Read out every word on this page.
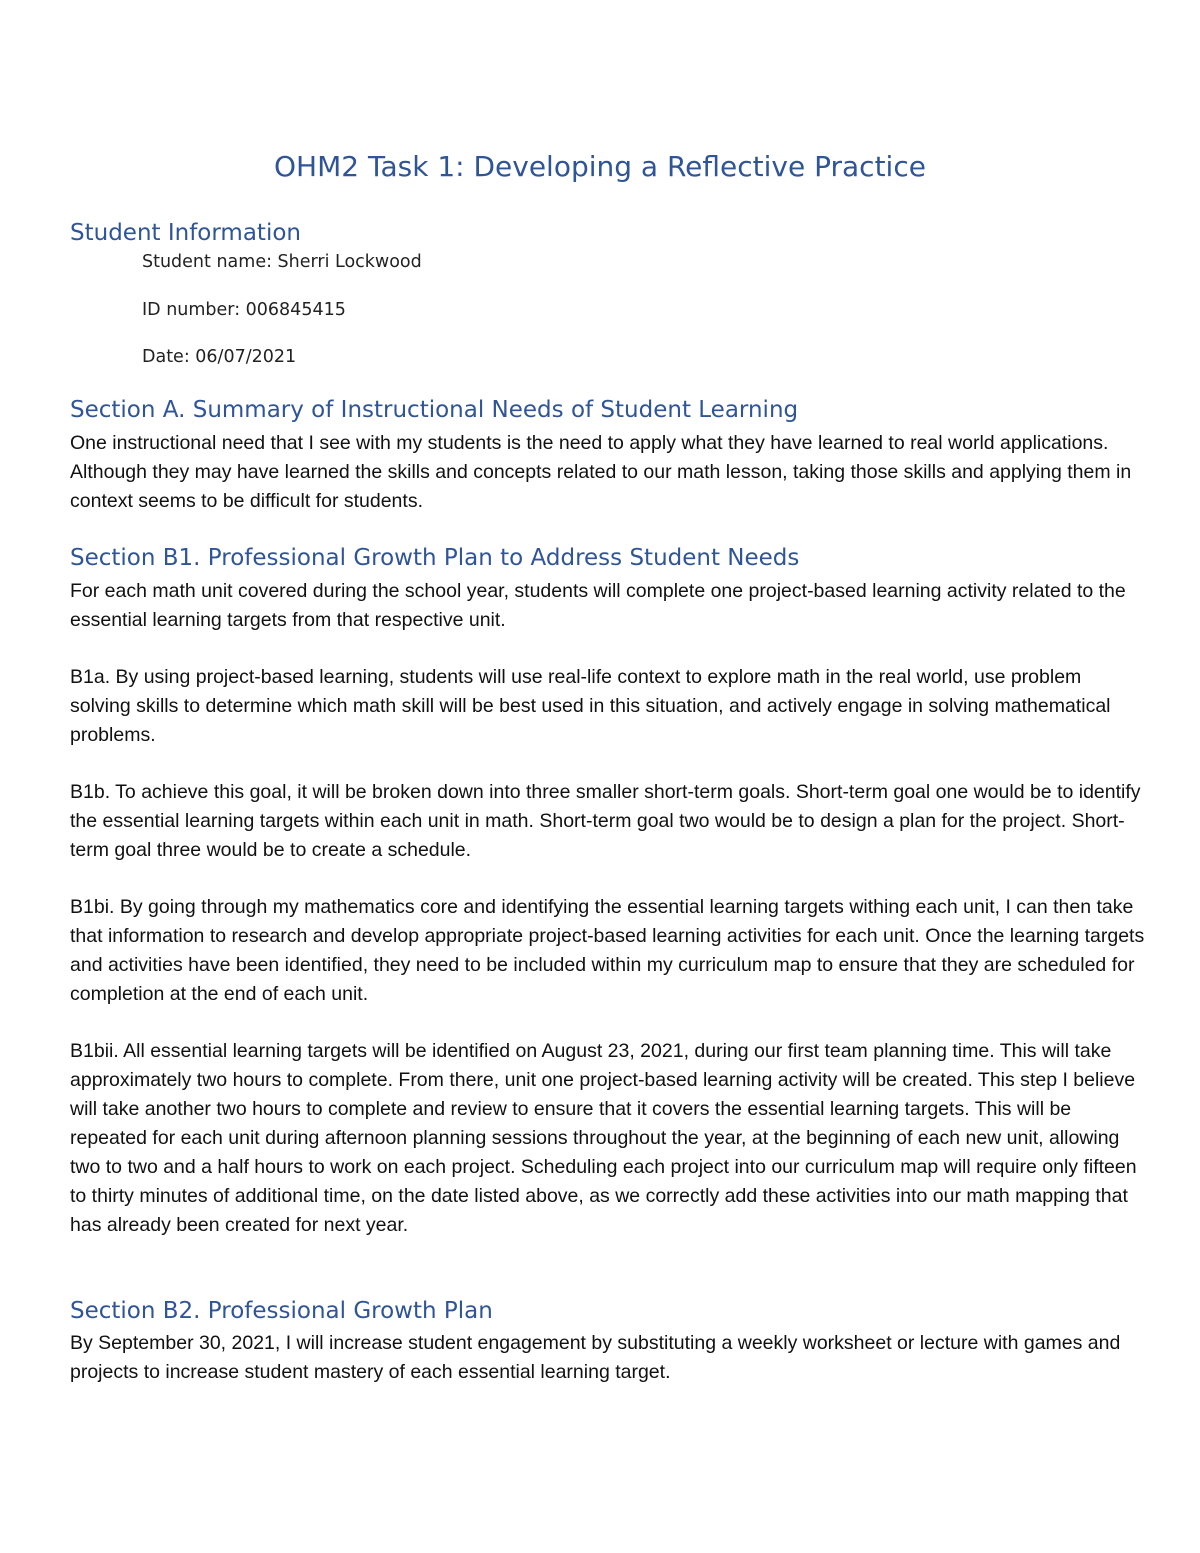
OHM2 Task 1: Developing a Reflective Practice
Student Information

Student name: Sherri Lockwood

ID number: 006845415

Date: 06/07/2021

Section A. Summary of Instructional Needs of Student Learning

One instructional need that I see with my students is the need to apply what they have learned to real world applications. Although they may have learned the skills and concepts related to our math lesson, taking those skills and applying them in context seems to be difficult for students.

Section B1. Professional Growth Plan to Address Student Needs

For each math unit covered during the school year, students will complete one project-based learning activity related to the essential learning targets from that respective unit.

B1a. By using project-based learning, students will use real-life context to explore math in the real world, use problem solving skills to determine which math skill will be best used in this situation, and actively engage in solving mathematical problems.

B1b. To achieve this goal, it will be broken down into three smaller short-term goals. Short-term goal one would be to identify the essential learning targets within each unit in math. Short-term goal two would be to design a plan for the project. Short-term goal three would be to create a schedule.

B1bi. By going through my mathematics core and identifying the essential learning targets withing each unit, I can then take that information to research and develop appropriate project-based learning activities for each unit. Once the learning targets and activities have been identified, they need to be included within my curriculum map to ensure that they are scheduled for completion at the end of each unit.

B1bii. All essential learning targets will be identified on August 23, 2021, during our first team planning time. This will take approximately two hours to complete. From there, unit one project-based learning activity will be created. This step I believe will take another two hours to complete and review to ensure that it covers the essential learning targets. This will be repeated for each unit during afternoon planning sessions throughout the year, at the beginning of each new unit, allowing two to two and a half hours to work on each project. Scheduling each project into our curriculum map will require only fifteen to thirty minutes of additional time, on the date listed above, as we correctly add these activities into our math mapping that has already been created for next year.

Section B2. Professional Growth Plan

By September 30, 2021, I will increase student engagement by substituting a weekly worksheet or lecture with games and projects to increase student mastery of each essential learning target.
